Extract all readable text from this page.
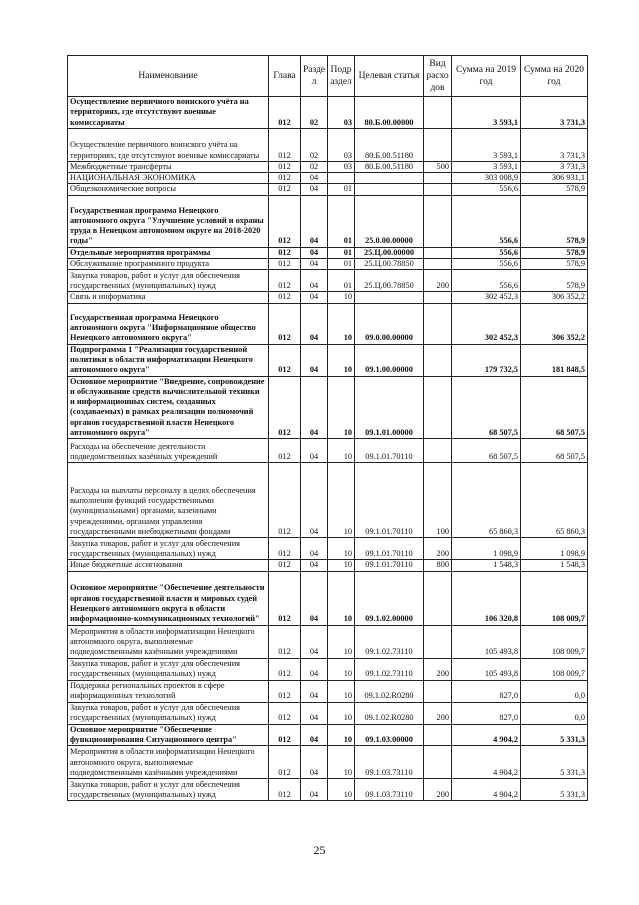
Наименование	Глава	Разде л	Подр аздел	Целевая статья	Вид расхо дов	Сумма на 2019 год	Сумма на 2020 год
Осуществление первичного воинского учёта на территориях, где отсутствуют военные комиссариаты	012	02	03	80.Б.00.00000		3 593,1	3 731,3
Осуществление первичного воинского учёта на территориях, где отсутствуют военные комиссариаты	012	02	03	80.Б.00.51180		3 593,1	3 731,3
Межбюджетные трансферты	012	02	03	80.Б.00.51180	500	3 593,1	3 731,3
НАЦИОНАЛЬНАЯ ЭКОНОМИКА	012	04				303 008,9	306 931,1
Общеэкономические вопросы	012	04	01			556,6	578,9
Государственная программа Ненецкого автономного округа "Улучшение условий и охраны труда в Ненецком автономном округе на 2018-2020 годы"	012	04	01	25.0.00.00000		556,6	578,9
Отдельные мероприятия программы	012	04	01	25.Ц.00.00000		556,6	578,9
Обслуживание программного продукта	012	04	01	25.Ц.00.78850		556,6	578,9
Закупка товаров, работ и услуг для обеспечения государственных (муниципальных) нужд	012	04	01	25.Ц.00.78850	200	556,6	578,9
Связь и информатика	012	04	10			302 452,3	306 352,2
Государственная программа Ненецкого автономного округа "Информационное общество Ненецкого автономного округа"	012	04	10	09.0.00.00000		302 452,3	306 352,2
Подпрограмма 1 "Реализация государственной политики в области информатизации Ненецкого автономного округа"	012	04	10	09.1.00.00000		179 732,5	181 848,5
Основное мероприятие "Внедрение, сопровождение и обслуживание средств вычислительной техники и информационных систем, созданных (создаваемых) в рамках реализации полномочий органов государственной власти Ненецкого автономного округа"	012	04	10	09.1.01.00000		68 507,5	68 507,5
Расходы на обеспечение деятельности подведомственных казённых учреждений	012	04	10	09.1.01.70110		68 507,5	68 507,5
Расходы на выплаты персоналу в целях обеспечения выполнения функций государственными (муниципальными) органами, казенными учреждениями, органами управления государственными внебюджетными фондами	012	04	10	09.1.01.70110	100	65 860,3	65 860,3
Закупка товаров, работ и услуг для обеспечения государственных (муниципальных) нужд	012	04	10	09.1.01.70110	200	1 098,9	1 098,9
Иные бюджетные ассигнования	012	04	10	09.1.01.70110	800	1 548,3	1 548,3
Основное мероприятие "Обеспечение деятельности органов государственной власти и мировых судей Ненецкого автономного округа в области информационно-коммуникационных технологий"	012	04	10	09.1.02.00000		106 320,8	108 009,7
Мероприятия в области информатизации Ненецкого автономного округа, выполняемые подведомственными казёнными учреждениями	012	04	10	09.1.02.73110		105 493,8	108 009,7
Закупка товаров, работ и услуг для обеспечения государственных (муниципальных) нужд	012	04	10	09.1.02.73110	200	105 493,8	108 009,7
Поддержка региональных проектов в сфере информационных технологий	012	04	10	09.1.02.R0280		827,0	0,0
Закупка товаров, работ и услуг для обеспечения государственных (муниципальных) нужд	012	04	10	09.1.02.R0280	200	827,0	0,0
Основное мероприятие "Обеспечение функционирования Ситуационного центра"	012	04	10	09.1.03.00000		4 904,2	5 331,3
Мероприятия в области информатизации Ненецкого автономного округа, выполняемые подведомственными казёнными учреждениями	012	04	10	09.1.03.73110		4 904,2	5 331,3
Закупка товаров, работ и услуг для обеспечения государственных (муниципальных) нужд	012	04	10	09.1.03.73110	200	4 904,2	5 331,3
25
